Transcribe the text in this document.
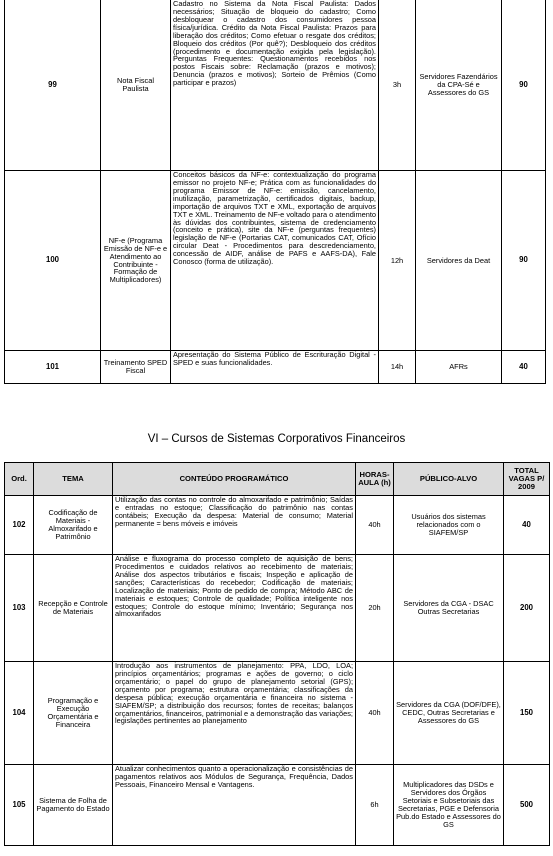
99	Nota Fiscal Paulista	Cadastro no Sistema da Nota Fiscal Paulista: Dados necessários; Situação de bloqueio do cadastro; Como desbloquear o cadastro dos consumidores pessoa física/jurídica. Crédito da Nota Fiscal Paulista: Prazos para liberação dos créditos; Como efetuar o resgate dos créditos; Bloqueio dos créditos (Por quê?); Desbloqueio dos créditos (procedimento e documentação exigida pela legislação). Perguntas Frequentes: Questionamentos recebidos nos postos Fiscais sobre: Reclamação (prazos e motivos); Denuncia (prazos e motivos); Sorteio de Prêmios (Como participar e prazos)	3h	Servidores Fazendários da CPA-Sé e Assessores do GS	90
100	NF-e (Programa Emissão de NF-e e Atendimento ao Contribuinte - Formação de Multiplicadores)	Conceitos básicos da NF-e: contextualização do programa emissor no projeto NF-e; Prática com as funcionalidades do programa Emissor de NF-e: emissão, cancelamento, inutilização, parametrização, certificados digitais, backup, importação de arquivos TXT e XML, exportação de arquivos TXT e XML. Treinamento de NF-e voltado para o atendimento às dúvidas dos contribuintes, sistema de credenciamento (conceito e prática), site da NF-e (perguntas frequentes) legislação de NF-e (Portarias CAT, comunicados CAT, Ofício circular Deat - Procedimentos para descredenciamento, concessão de AIDF, análise de PAFS e AAFS-DA), Fale Conosco (forma de utilização).	12h	Servidores da Deat	90
101	Treinamento SPED Fiscal	Apresentação do Sistema Público de Escrituração Digital - SPED e suas funcionalidades.	14h	AFRs	40
VI – Cursos de Sistemas Corporativos Financeiros
Ord.	TEMA	CONTEÚDO PROGRAMÁTICO	HORAS-AULA (h)	PÚBLICO-ALVO	TOTAL VAGAS P/ 2009
102	Codificação de Materiais - Almoxarifado e Patrimônio	Utilização das contas no controle do almoxarifado e patrimônio; Saídas e entradas no estoque; Classificação do patrimônio nas contas contábeis; Execução da despesa: Material de consumo; Material permanente = bens móveis e imóveis	40h	Usuários dos sistemas relacionados com o SIAFEM/SP	40
103	Recepção e Controle de Materiais	Análise e fluxograma do processo completo de aquisição de bens; Procedimentos e cuidados relativos ao recebimento de materiais; Análise dos aspectos tributários e fiscais; Inspeção e aplicação de sanções; Características do recebedor; Codificação de materiais; Localização de materiais; Ponto de pedido de compra; Método ABC de materiais e estoques; Controle de qualidade; Política inteligente nos estoques; Controle do estoque mínimo; Inventário; Segurança nos almoxarifados	20h	Servidores da CGA - DSAC Outras Secretarias	200
104	Programação e Execução Orçamentária e Financeira	Introdução aos instrumentos de planejamento: PPA, LDO, LOA; princípios orçamentários; programas e ações de governo; o ciclo orçamentário; o papel do grupo de planejamento setorial (GPS); orçamento por programa; estrutura orçamentária; classificações da despesa pública; execução orçamentária e financeira no sistema - SIAFEM/SP; a distribuição dos recursos; fontes de receitas; balanços orçamentários, financeiros, patrimonial e a demonstração das variações; legislações pertinentes ao planejamento	40h	Servidores da CGA (DOF/DFE), CEDC, Outras Secretarias e Assessores do GS	150
105	Sistema de Folha de Pagamento do Estado	Atualizar conhecimentos quanto a operacionalização e consistências de pagamentos relativos aos Módulos de Segurança, Frequência, Dados Pessoais, Financeiro Mensal e Vantagens.	6h	Multiplicadores das DSDs e Servidores dos Órgãos Setoriais e Subsetoriais das Secretarias, PGE e Defensoria Pub.do Estado e Assessores do GS	500
